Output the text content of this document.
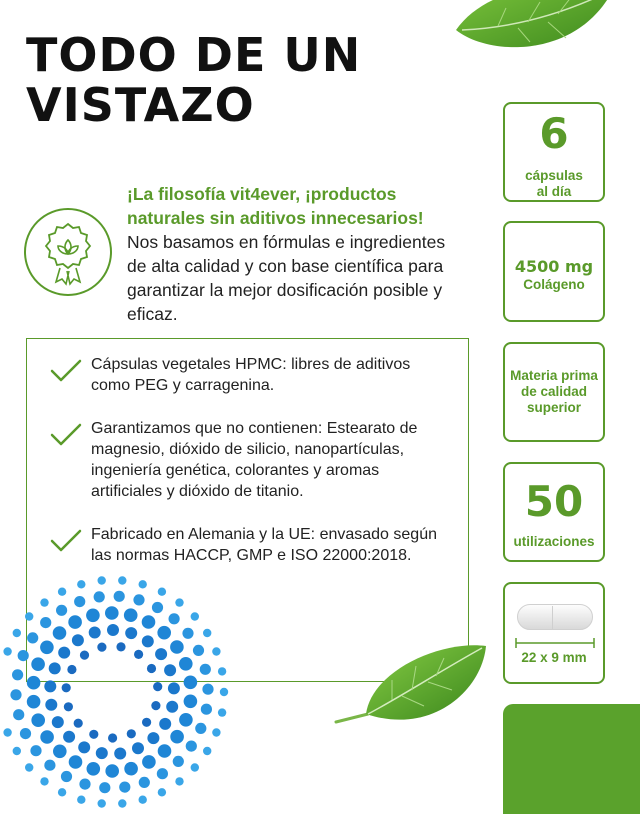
TODO DE UN
VISTAZO
¡La filosofía vit4ever, ¡productos naturales sin aditivos innecesarios!
Nos basamos en fórmulas e ingredientes de alta calidad y con base científica para garantizar la mejor dosificación posible y eficaz.
Cápsulas vegetales HPMC: libres de aditivos como PEG y carragenina.
Garantizamos que no contienen: Estearato de magnesio, dióxido de silicio, nanopartículas, ingeniería genética, colorantes y aromas artificiales y dióxido de titanio.
Fabricado en Alemania y la UE: envasado según las normas HACCP, GMP e ISO 22000:2018.
6
cápsulas al día
4500 mg
Colágeno
Materia prima de calidad superior
50
utilizaciones
22 x 9 mm
